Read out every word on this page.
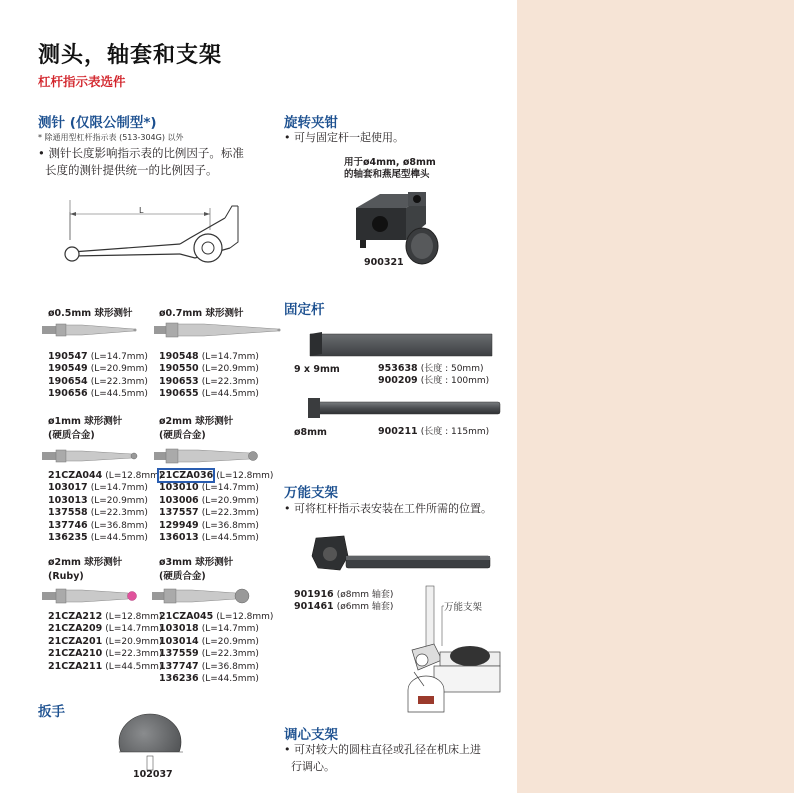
测头，轴套和支架
杠杆指示表选件
测针 (仅限公制型*)
* 除通用型杠杆指示表 (513-304G) 以外
• 测针长度影响指示表的比例因子。标准
长度的测针提供统一的比例因子。
L
ø0.5mm 球形测针
190547 (L=14.7mm)
190549 (L=20.9mm)
190654 (L=22.3mm)
190656 (L=44.5mm)
ø0.7mm 球形测针
190548 (L=14.7mm)
190550 (L=20.9mm)
190653 (L=22.3mm)
190655 (L=44.5mm)
ø1mm 球形测针
(硬质合金)
21CZA044 (L=12.8mm)
103017 (L=14.7mm)
103013 (L=20.9mm)
137558 (L=22.3mm)
137746 (L=36.8mm)
136235 (L=44.5mm)
ø2mm 球形测针
(硬质合金)
21CZA036 (L=12.8mm)
103010 (L=14.7mm)
103006 (L=20.9mm)
137557 (L=22.3mm)
129949 (L=36.8mm)
136013 (L=44.5mm)
ø2mm 球形测针
(Ruby)
21CZA212 (L=12.8mm)
21CZA209 (L=14.7mm)
21CZA201 (L=20.9mm)
21CZA210 (L=22.3mm)
21CZA211 (L=44.5mm)
ø3mm 球形测针
(硬质合金)
21CZA045 (L=12.8mm)
103018 (L=14.7mm)
103014 (L=20.9mm)
137559 (L=22.3mm)
137747 (L=36.8mm)
136236 (L=44.5mm)
扳手
102037
旋转夹钳
• 可与固定杆一起使用。
用于ø4mm, ø8mm
的轴套和燕尾型榫头
900321
固定杆
9 x 9mm	953638 (长度 : 50mm)
900209 (长度 : 100mm)
ø8mm	900211 (长度 : 115mm)
万能支架
• 可将杠杆指示表安装在工件所需的位置。
901916 (ø8mm 轴套)
901461 (ø6mm 轴套)	万能支架
调心支架
• 可对较大的圆柱直径或孔径在机床上进
行调心。
